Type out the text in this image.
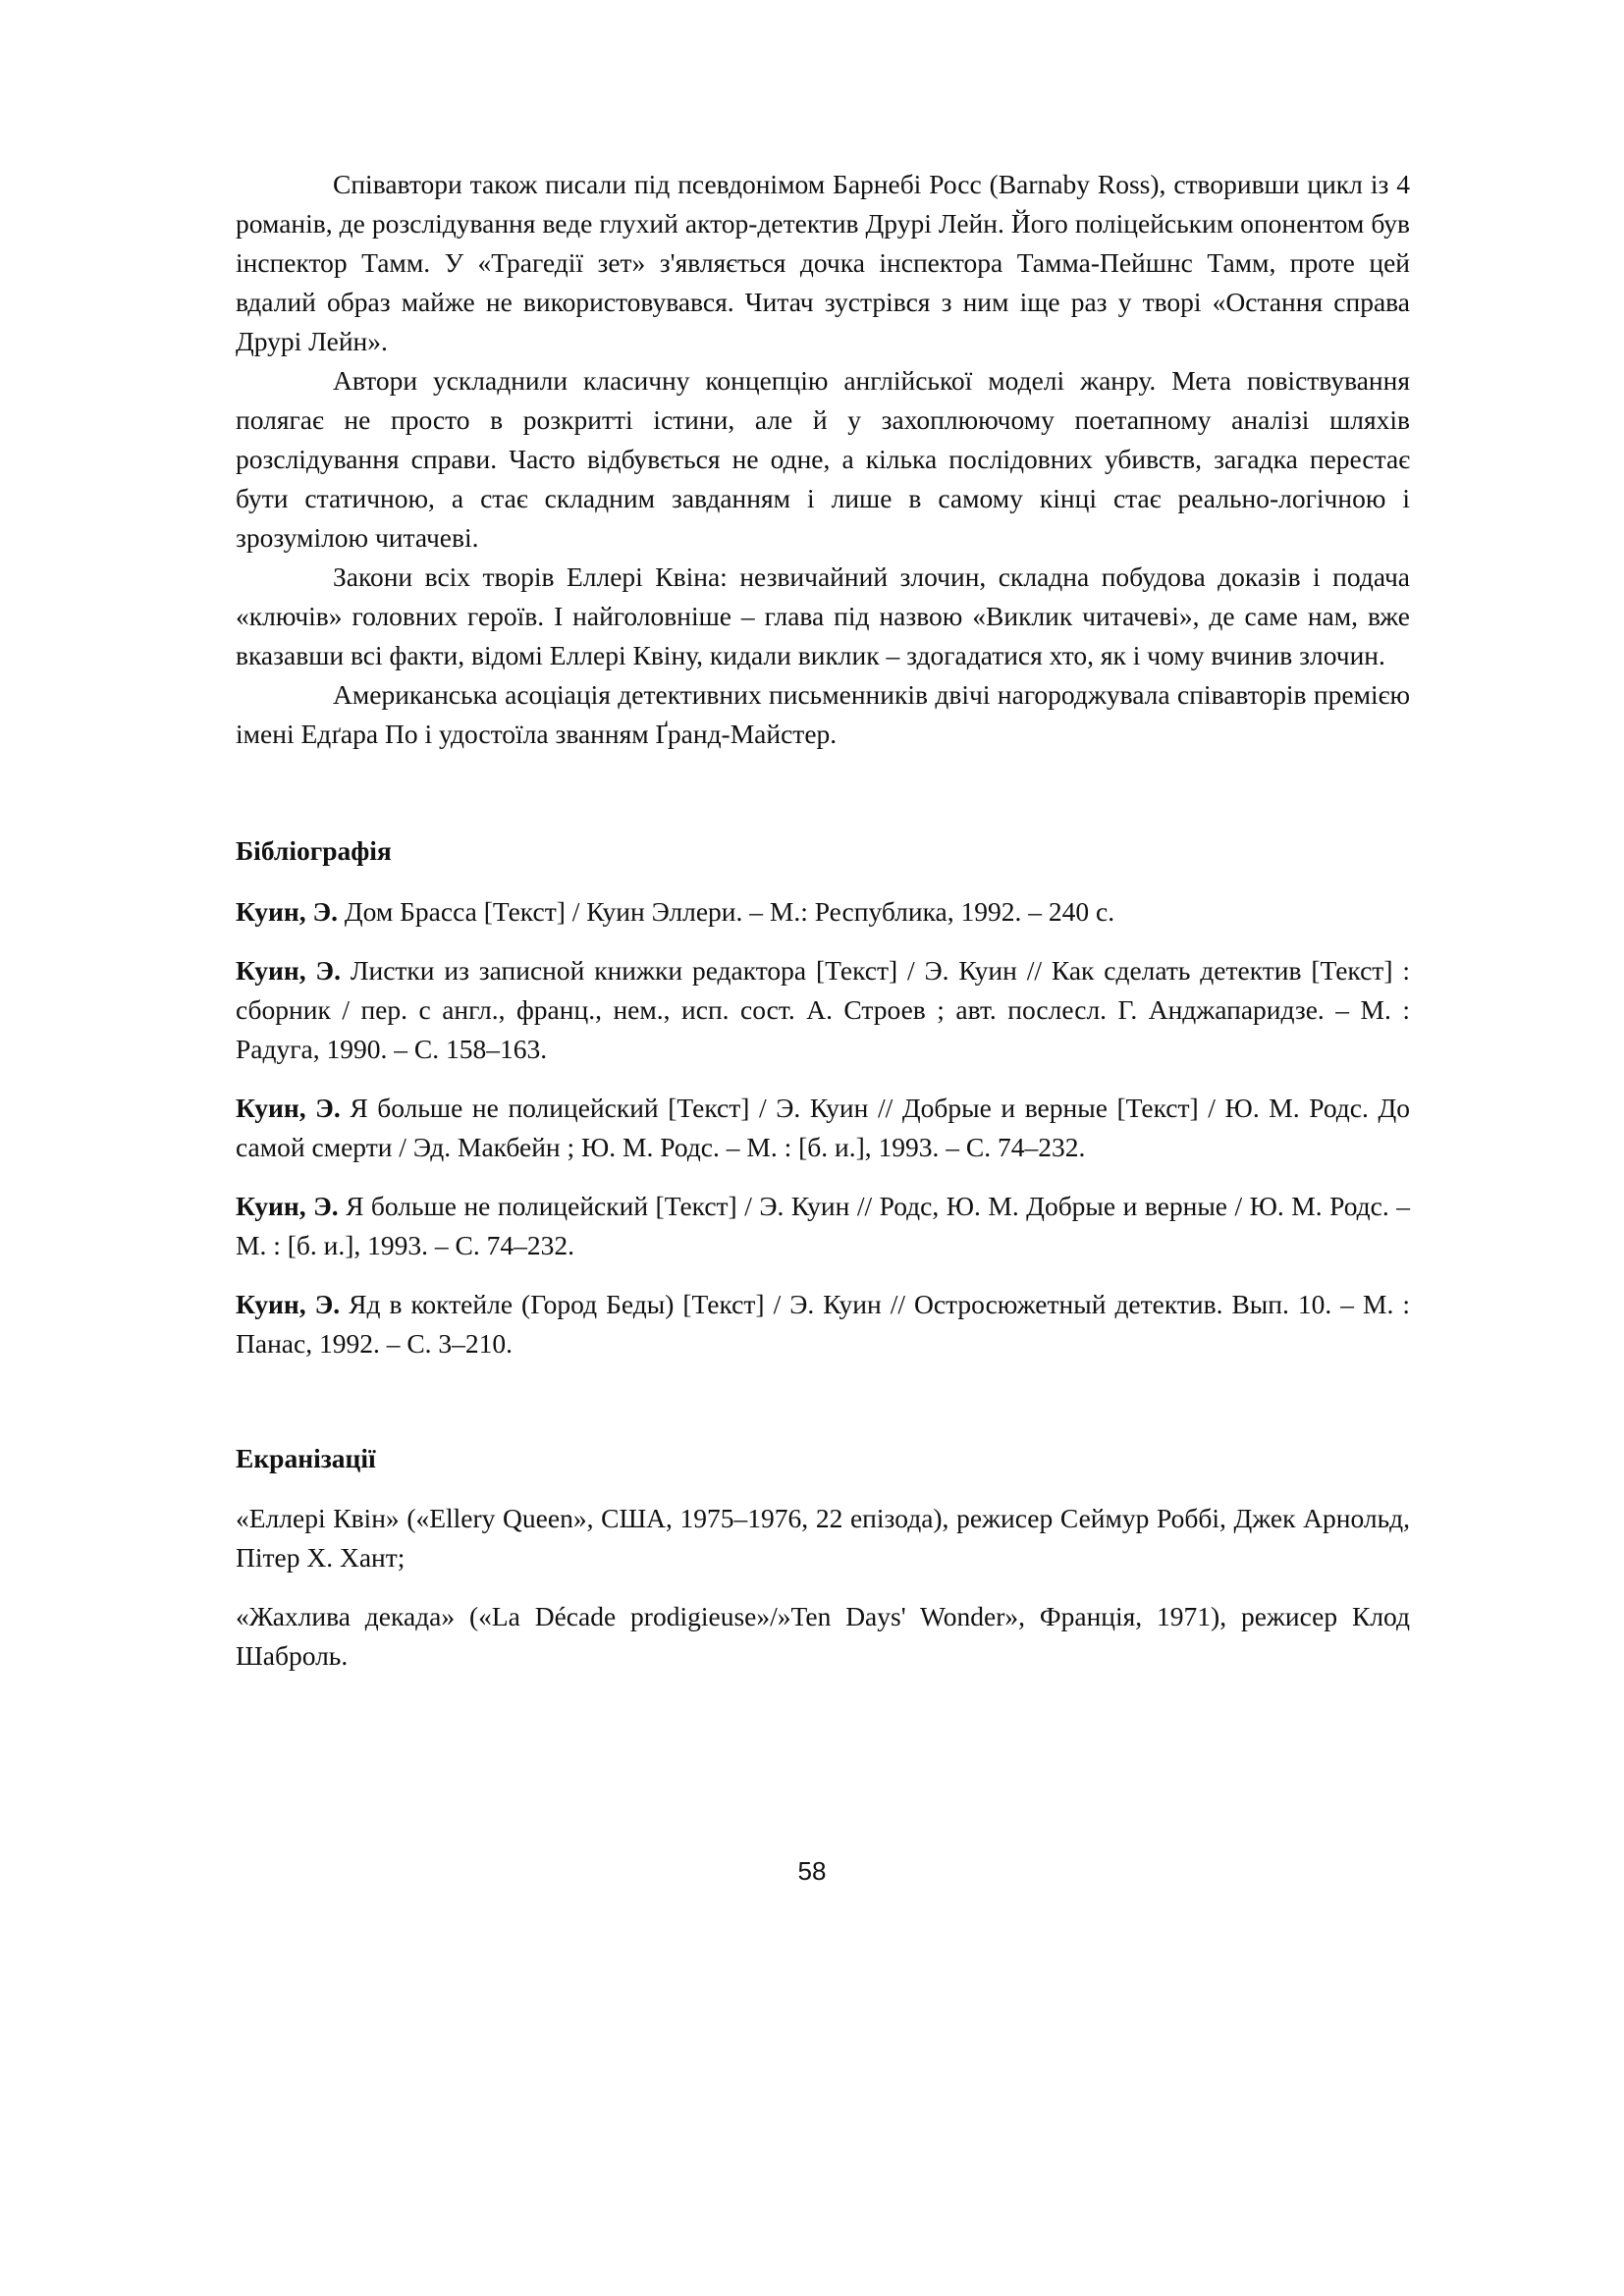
Співавтори також писали під псевдонімом Барнебі Росс (Barnaby Ross), створивши цикл із 4 романів, де розслідування веде глухий актор-детектив Друрі Лейн. Його поліцейським опонентом був інспектор Тамм. У «Трагедії зет» з'являється дочка інспектора Тамма-Пейшнс Тамм, проте цей вдалий образ майже не використовувався. Читач зустрівся з ним іще раз у творі «Остання справа Друрі Лейн».

Автори ускладнили класичну концепцію англійської моделі жанру. Мета повіствування полягає не просто в розкритті істини, але й у захоплюючому поетапному аналізі шляхів розслідування справи. Часто відбувється не одне, а кілька послідовних убивств, загадка перестає бути статичною, а стає складним завданням і лише в самому кінці стає реально-логічною і зрозумілою читачеві.

Закони всіх творів Еллері Квіна: незвичайний злочин, складна побудова доказів і подача «ключів» головних героїв. І найголовніше – глава під назвою «Виклик читачеві», де саме нам, вже вказавши всі факти, відомі Еллері Квіну, кидали виклик – здогадатися хто, як і чому вчинив злочин.

Американська асоціація детективних письменників двічі нагороджувала співавторів премією імені Едґара По і удостоїла званням Ґранд-Майстер.

Бібліографія

Куин, Э. Дом Брасса [Текст] / Куин Эллери. – М.: Республика, 1992. – 240 с.

Куин, Э. Листки из записной книжки редактора [Текст] / Э. Куин // Как сделать детектив [Текст] : сборник / пер. с англ., франц., нем., исп. сост. А. Строев ; авт. послесл. Г. Анджапаридзе. – М. : Радуга, 1990. – С. 158–163.

Куин, Э. Я больше не полицейский [Текст] / Э. Куин // Добрые и верные [Текст] / Ю. М. Родс. До самой смерти / Эд. Макбейн ; Ю. М. Родс. – М. : [б. и.], 1993. – С. 74–232.

Куин, Э. Я больше не полицейский [Текст] / Э. Куин // Родс, Ю. М. Добрые и верные / Ю. М. Родс. – М. : [б. и.], 1993. – С. 74–232.

Куин, Э. Яд в коктейле (Город Беды) [Текст] / Э. Куин // Остросюжетный детектив. Вып. 10. – М. : Панас, 1992. – С. 3–210.

Екранізації

«Еллері Квін» («Ellery Queen», США, 1975–1976, 22 епізода), режисер Сеймур Роббі, Джек Арнольд, Пітер Х. Хант;

«Жахлива декада» («La Décade prodigieuse»/»Ten Days' Wonder», Франція, 1971), режисер Клод Шаброль.

58
